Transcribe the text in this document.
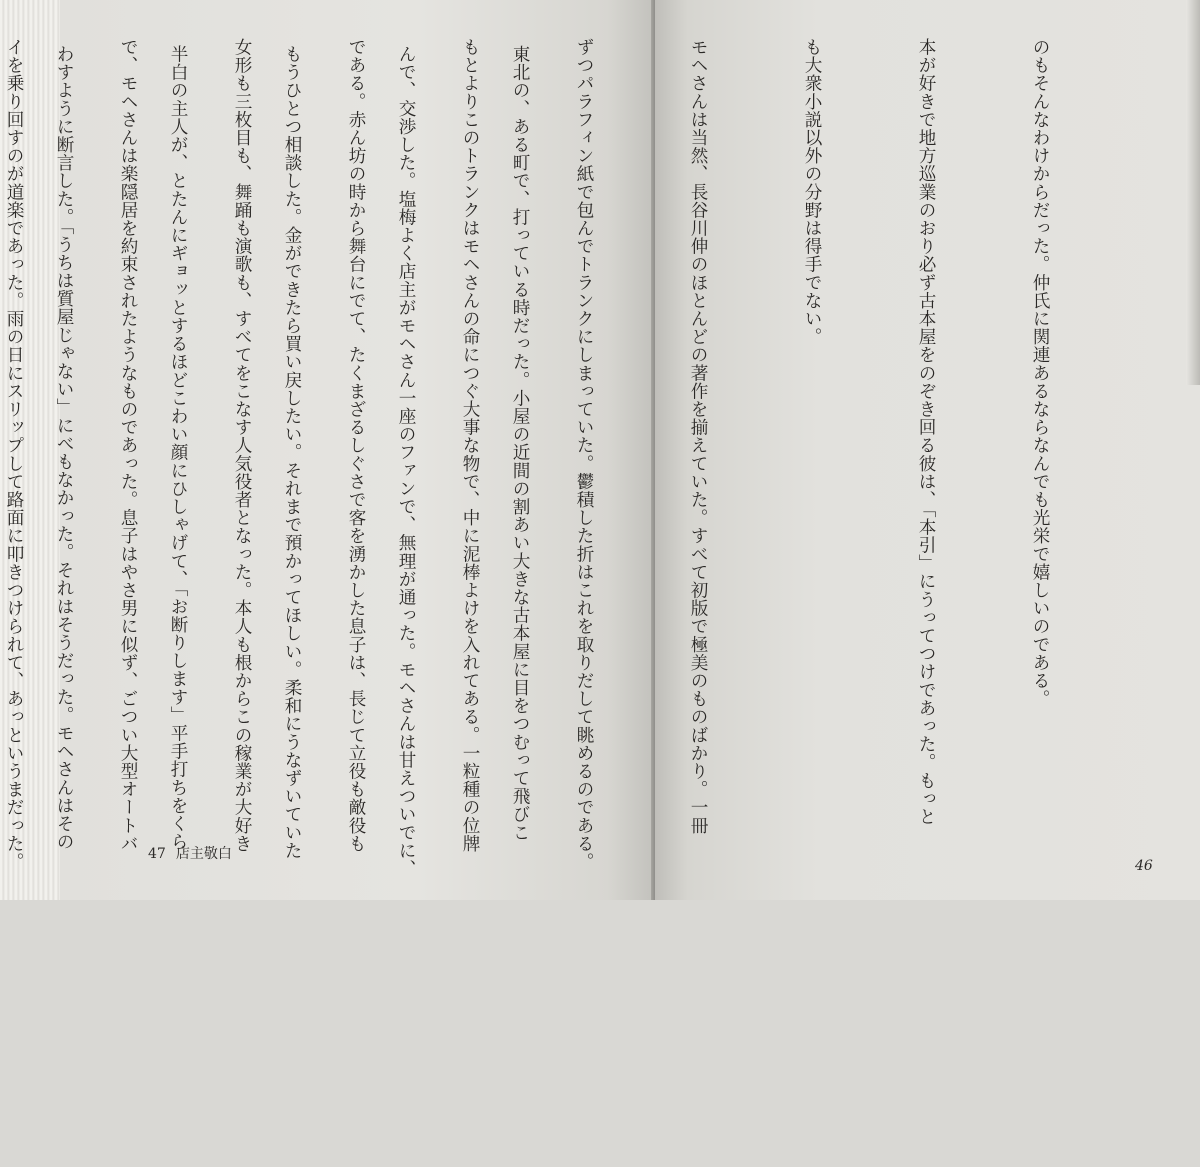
東北の、ある町で、打っている時だった。小屋の近間の割あい大きな古本屋に目をつむって飛びこ

んで、交渉した。塩梅よく店主がモヘさん一座のファンで、無理が通った。モヘさんは甘えついでに、

もうひとつ相談した。金ができたら買い戻したい。それまで預かってほしい。柔和にうなずいていた

半白の主人が、とたんにギョッとするほどこわい顔にひしゃげて、「お断りします」平手打ちをくら

わすように断言した。「うちは質屋じゃない」にべもなかった。それはそうだった。モヘさんはその

47 店主敬白

のもそんなわけからだった。仲氏に関連あるならなんでも光栄で嬉しいのである。

本が好きで地方巡業のおり必ず古本屋をのぞき回る彼は、「本引」にうってつけであった。もっと

も大衆小説以外の分野は得手でない。

モヘさんは当然、長谷川伸のほとんどの著作を揃えていた。すべて初版で極美のものばかり。一冊

ずつパラフィン紙で包んでトランクにしまっていた。鬱積した折はこれを取りだして眺めるのである。

もとよりこのトランクはモヘさんの命につぐ大事な物で、中に泥棒よけを入れてある。一粒種の位牌

である。赤ん坊の時から舞台にでて、たくまざるしぐさで客を湧かした息子は、長じて立役も敵役も

女形も三枚目も、舞踊も演歌も、すべてをこなす人気役者となった。本人も根からこの稼業が大好き

で、モヘさんは楽隠居を約束されたようなものであった。息子はやさ男に似ず、ごつい大型オートバ

イを乗り回すのが道楽であった。雨の日にスリップして路面に叩きつけられて、あっというまだった。

	46
